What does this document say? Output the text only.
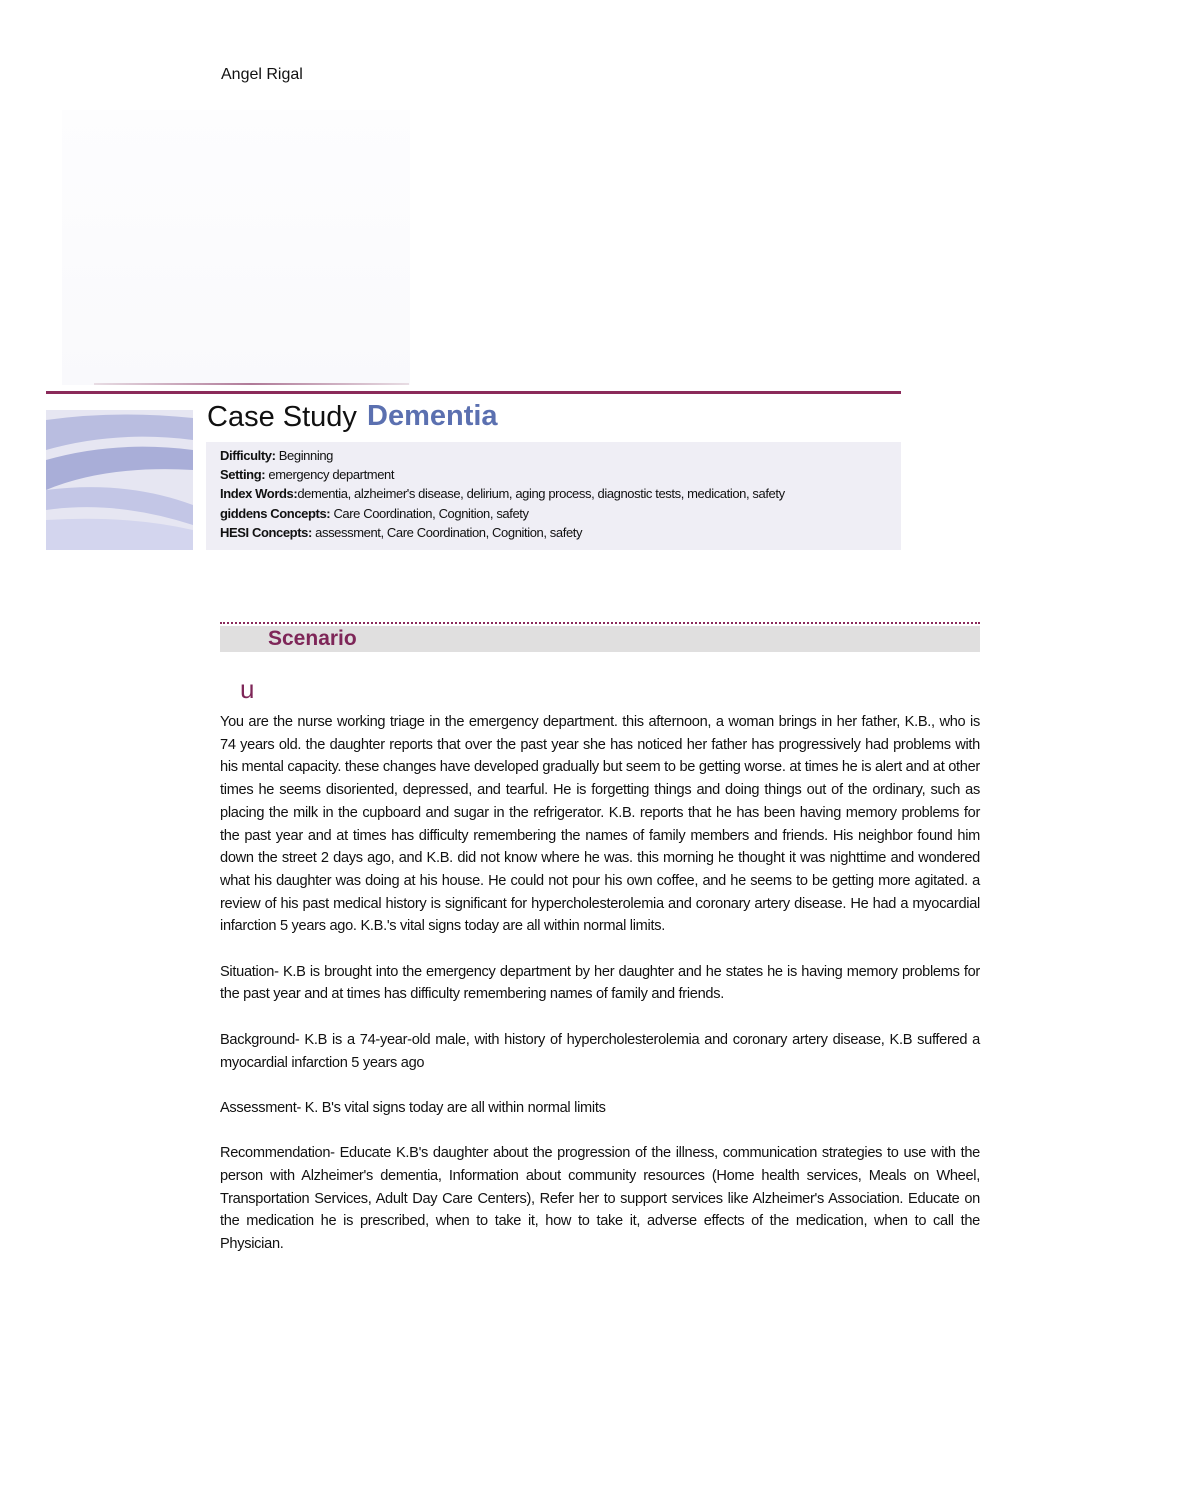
Angel Rigal
Case Study Dementia
Difficulty: Beginning
Setting: emergency department
Index Words:dementia, alzheimer's disease, delirium, aging process, diagnostic tests, medication, safety
giddens Concepts: Care Coordination, Cognition, safety
HESI Concepts: assessment, Care Coordination, Cognition, safety
Scenario
u

You are the nurse working triage in the emergency department. this afternoon, a woman brings in her father, K.B., who is 74 years old. the daughter reports that over the past year she has noticed her father has progressively had problems with his mental capacity. these changes have developed gradually but seem to be getting worse. at times he is alert and at other times he seems disoriented, depressed, and tearful. He is forgetting things and doing things out of the ordinary, such as placing the milk in the cupboard and sugar in the refrigerator. K.B. reports that he has been having memory problems for the past year and at times has difficulty remembering the names of family members and friends. His neighbor found him down the street 2 days ago, and K.B. did not know where he was. this morning he thought it was nighttime and wondered what his daughter was doing at his house. He could not pour his own coffee, and he seems to be getting more agitated. a review of his past medical history is significant for hypercholesterolemia and coronary artery disease. He had a myocardial infarction 5 years ago. K.B.'s vital signs today are all within normal limits.

Situation- K.B is brought into the emergency department by her daughter and he states he is having memory problems for the past year and at times has difficulty remembering names of family and friends.

Background- K.B is a 74-year-old male, with history of hypercholesterolemia and coronary artery disease, K.B suffered a myocardial infarction 5 years ago

Assessment- K. B's vital signs today are all within normal limits

Recommendation- Educate K.B's daughter about the progression of the illness, communication strategies to use with the person with Alzheimer's dementia, Information about community resources (Home health services, Meals on Wheel, Transportation Services, Adult Day Care Centers), Refer her to support services like Alzheimer's Association. Educate on the medication he is prescribed, when to take it, how to take it, adverse effects of the medication, when to call the Physician.
